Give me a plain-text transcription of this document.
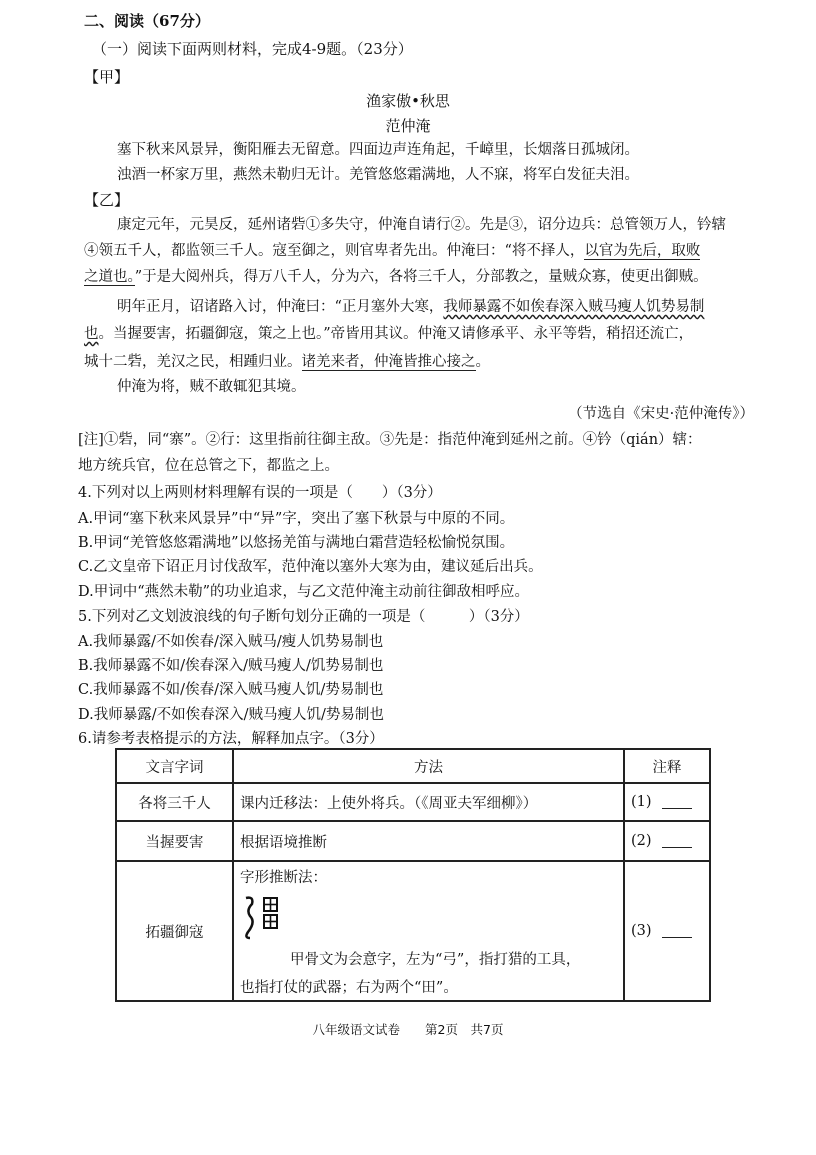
二、阅读（67分）
（一）阅读下面两则材料，完成4-9题。（23分）
【甲】
渔家傲•秋思
范仲淹
塞下秋来风景异，衡阳雁去无留意。四面边声连角起，千嶂里，长烟落日孤城闭。
浊酒一杯家万里，燕然未勒归无计。羌管悠悠霜满地，人不寐，将军白发征夫泪。
【乙】
康定元年，元昊反，延州诸砦①多失守，仲淹自请行②。先是③，诏分边兵：总管领万人，钤辖
④领五千人，都监领三千人。寇至御之，则官卑者先出。仲淹曰：“将不择人，以官为先后，取败
之道也。”于是大阅州兵，得万八千人，分为六，各将三千人，分部教之，量贼众寡，使更出御贼。
明年正月，诏诸路入讨，仲淹曰：“正月塞外大寒，我师暴露不如俟春深入贼马瘦人饥势易制
也。当握要害，拓疆御寇，策之上也。”帝皆用其议。仲淹又请修承平、永平等砦，稍招还流亡，
城十二砦，羌汉之民，相踵归业。诸羌来者，仲淹皆推心接之。
仲淹为将，贼不敢辄犯其境。
（节选自《宋史·范仲淹传》）
[注]①砦，同“寨”。②行：这里指前往御主敌。③先是：指范仲淹到延州之前。④钤（qián）辖：
地方统兵官，位在总管之下，都监之上。
4.下列对以上两则材料理解有误的一项是（　　）（3分）
A.甲词“塞下秋来风景异”中“异”字，突出了塞下秋景与中原的不同。
B.甲词“羌管悠悠霜满地”以悠扬羌笛与满地白霜营造轻松愉悦氛围。
C.乙文皇帝下诏正月讨伐敌军，范仲淹以塞外大寒为由，建议延后出兵。
D.甲词中“燕然未勒”的功业追求，与乙文范仲淹主动前往御敌相呼应。
5.下列对乙文划波浪线的句子断句划分正确的一项是（　　　）（3分）
A.我师暴露/不如俟春/深入贼马/瘦人饥势易制也
B.我师暴露不如/俟春深入/贼马瘦人/饥势易制也
C.我师暴露不如/俟春/深入贼马瘦人饥/势易制也
D.我师暴露/不如俟春深入/贼马瘦人饥/势易制也
6.请参考表格提示的方法，解释加点字。（3分）
文言字词	方法	注释
各将三千人	课内迁移法：上使外将兵。（《周亚夫军细柳》）	(1)
当握要害	根据语境推断	(2)
拓疆御寇	字形推断法：
甲骨文为会意字，左为“弓”，指打猎的工具，
也指打仗的武器；右为两个“田”。	(3)
八年级语文试卷　　第2页　共7页
